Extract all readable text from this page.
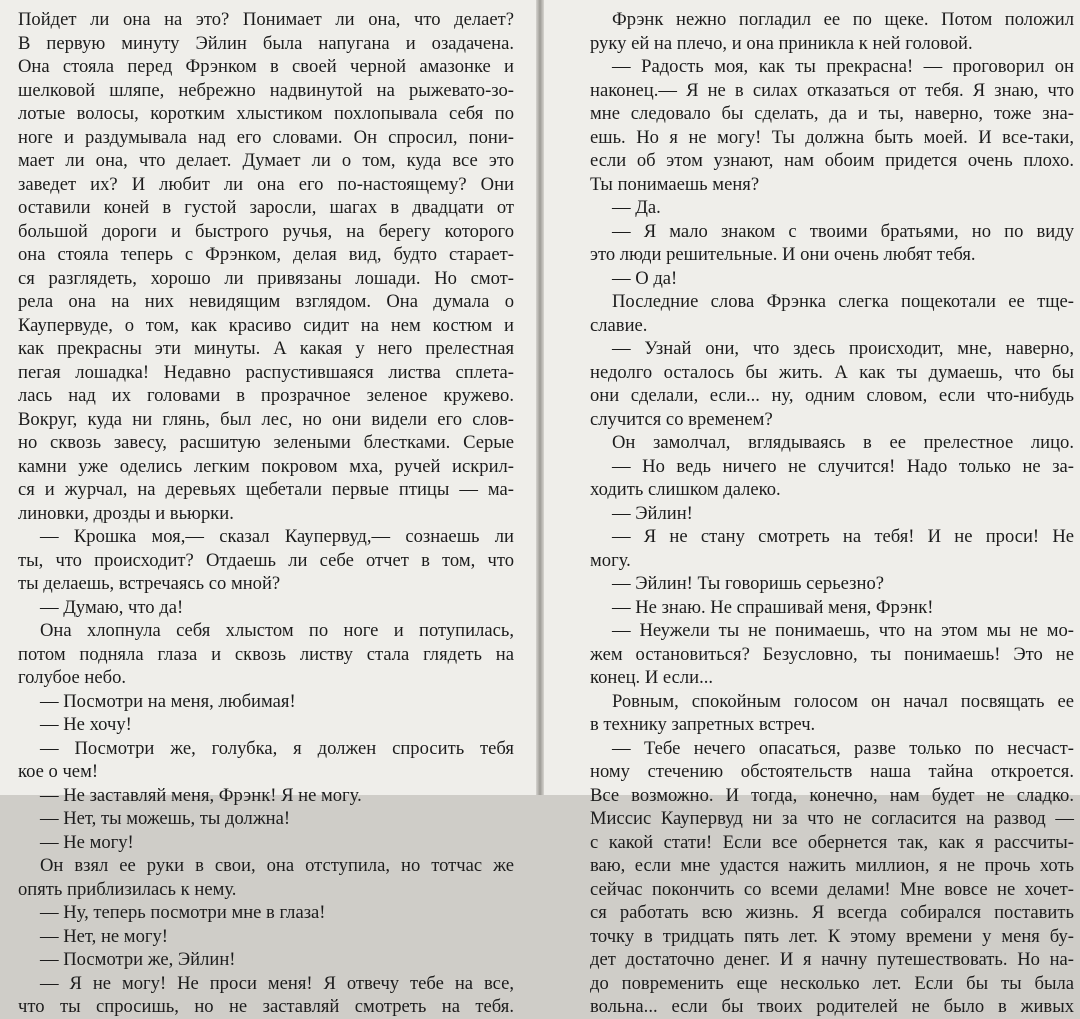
Пойдет ли она на это? Понимает ли она, что делает?
В первую минуту Эйлин была напугана и озадачена.
Она стояла перед Фрэнком в своей черной амазонке и
шелковой шляпе, небрежно надвинутой на рыжевато-зо-
лотые волосы, коротким хлыстиком похлопывала себя по
ноге и раздумывала над его словами. Он спросил, пони-
мает ли она, что делает. Думает ли о том, куда все это
заведет их? И любит ли она его по-настоящему? Они
оставили коней в густой заросли, шагах в двадцати от
большой дороги и быстрого ручья, на берегу которого
она стояла теперь с Фрэнком, делая вид, будто старает-
ся разглядеть, хорошо ли привязаны лошади. Но смот-
рела она на них невидящим взглядом. Она думала о
Каупервуде, о том, как красиво сидит на нем костюм и
как прекрасны эти минуты. А какая у него прелестная
пегая лошадка! Недавно распустившаяся листва сплета-
лась над их головами в прозрачное зеленое кружево.
Вокруг, куда ни глянь, был лес, но они видели его слов-
но сквозь завесу, расшитую зелеными блестками. Серые
камни уже оделись легким покровом мха, ручей искрил-
ся и журчал, на деревьях щебетали первые птицы — ма-
линовки, дрозды и вьюрки.
— Крошка моя,— сказал Каупервуд,— сознаешь ли
ты, что происходит? Отдаешь ли себе отчет в том, что
ты делаешь, встречаясь со мной?
— Думаю, что да!
Она хлопнула себя хлыстом по ноге и потупилась,
потом подняла глаза и сквозь листву стала глядеть на
голубое небо.
— Посмотри на меня, любимая!
— Не хочу!
— Посмотри же, голубка, я должен спросить тебя
кое о чем!
— Не заставляй меня, Фрэнк! Я не могу.
— Нет, ты можешь, ты должна!
— Не могу!
Он взял ее руки в свои, она отступила, но тотчас же
опять приблизилась к нему.
— Ну, теперь посмотри мне в глаза!
— Нет, не могу!
— Посмотри же, Эйлин!
— Я не могу! Не проси меня! Я отвечу тебе на все,
что ты спросишь, но не заставляй смотреть на тебя.
Фрэнк нежно погладил ее по щеке. Потом положил
руку ей на плечо, и она приникла к ней головой.
— Радость моя, как ты прекрасна! — проговорил он
наконец.— Я не в силах отказаться от тебя. Я знаю, что
мне следовало бы сделать, да и ты, наверно, тоже зна-
ешь. Но я не могу! Ты должна быть моей. И все-таки,
если об этом узнают, нам обоим придется очень плохо.
Ты понимаешь меня?
— Да.
— Я мало знаком с твоими братьями, но по виду
это люди решительные. И они очень любят тебя.
— О да!
Последние слова Фрэнка слегка пощекотали ее тще-
славие.
— Узнай они, что здесь происходит, мне, наверно,
недолго осталось бы жить. А как ты думаешь, что бы
они сделали, если... ну, одним словом, если что-нибудь
случится со временем?
Он замолчал, вглядываясь в ее прелестное лицо.
— Но ведь ничего не случится! Надо только не за-
ходить слишком далеко.
— Эйлин!
— Я не стану смотреть на тебя! И не проси! Не
могу.
— Эйлин! Ты говоришь серьезно?
— Не знаю. Не спрашивай меня, Фрэнк!
— Неужели ты не понимаешь, что на этом мы не мо-
жем остановиться? Безусловно, ты понимаешь! Это не
конец. И если...
Ровным, спокойным голосом он начал посвящать ее
в технику запретных встреч.
— Тебе нечего опасаться, разве только по несчаст-
ному стечению обстоятельств наша тайна откроется.
Все возможно. И тогда, конечно, нам будет не сладко.
Миссис Каупервуд ни за что не согласится на развод —
с какой стати! Если все обернется так, как я рассчиты-
ваю, если мне удастся нажить миллион, я не прочь хоть
сейчас покончить со всеми делами! Мне вовсе не хочет-
ся работать всю жизнь. Я всегда собирался поставить
точку в тридцать пять лет. К этому времени у меня бу-
дет достаточно денег. И я начну путешествовать. Но на-
до повременить еще несколько лет. Если бы ты была
вольна... если бы твоих родителей не было в живых
